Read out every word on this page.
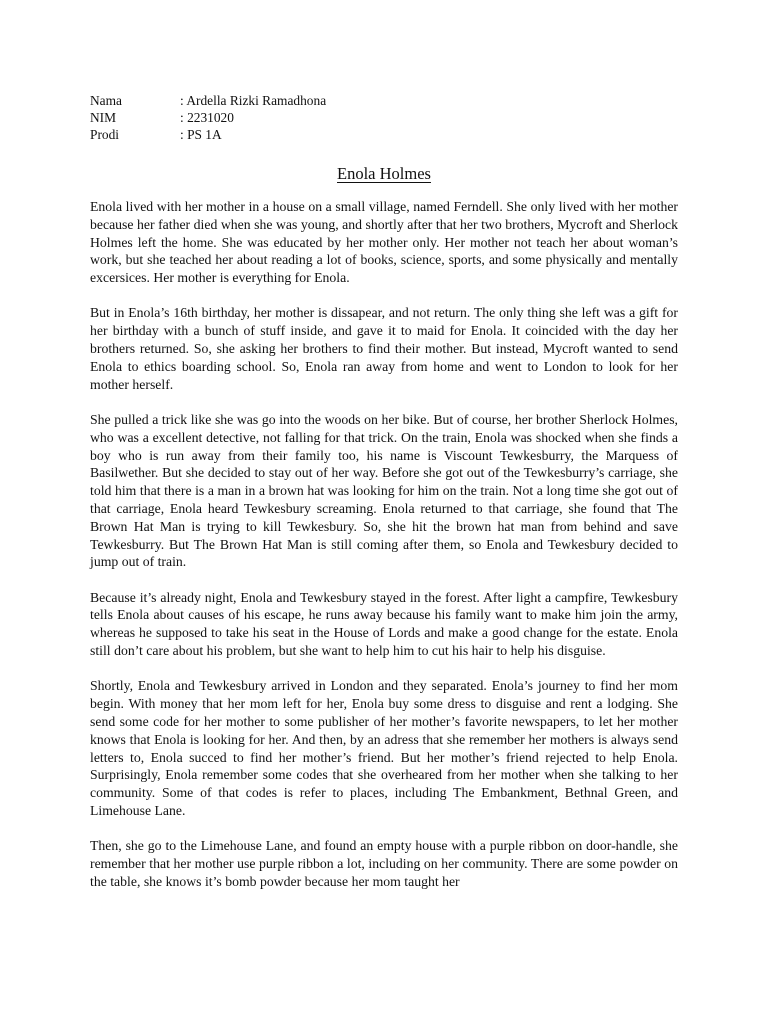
Nama	: Ardella Rizki Ramadhona
NIM	: 2231020
Prodi	: PS 1A
Enola Holmes

Enola lived with her mother in a house on a small village, named Ferndell. She only lived with her mother because her father died when she was young, and shortly after that her two brothers, Mycroft and Sherlock Holmes left the home. She was educated by her mother only. Her mother not teach her about woman’s work, but she teached her about reading a lot of books, science, sports, and some physically and mentally excersices. Her mother is everything for Enola.

But in Enola’s 16th birthday, her mother is dissapear, and not return. The only thing she left was a gift for her birthday with a bunch of stuff inside, and gave it to maid for Enola. It coincided with the day her brothers returned. So, she asking her brothers to find their mother. But instead, Mycroft wanted to send Enola to ethics boarding school. So, Enola ran away from home and went to London to look for her mother herself.

She pulled a trick like she was go into the woods on her bike. But of course, her brother Sherlock Holmes, who was a excellent detective, not falling for that trick. On the train, Enola was shocked when she finds a boy who is run away from their family too, his name is Viscount Tewkesburry, the Marquess of Basilwether. But she decided to stay out of her way. Before she got out of the Tewkesburry’s carriage, she told him that there is a man in a brown hat was looking for him on the train. Not a long time she got out of that carriage, Enola heard Tewkesbury screaming. Enola returned to that carriage, she found that The Brown Hat Man is trying to kill Tewkesbury. So, she hit the brown hat man from behind and save Tewkesburry. But The Brown Hat Man is still coming after them, so Enola and Tewkesbury decided to jump out of train.

Because it’s already night, Enola and Tewkesbury stayed in the forest. After light a campfire, Tewkesbury tells Enola about causes of his escape, he runs away because his family want to make him join the army, whereas he supposed to take his seat in the House of Lords and make a good change for the estate. Enola still don’t care about his problem, but she want to help him to cut his hair to help his disguise.

Shortly, Enola and Tewkesbury arrived in London and they separated. Enola’s journey to find her mom begin. With money that her mom left for her, Enola buy some dress to disguise and rent a lodging. She send some code for her mother to some publisher of her mother’s favorite newspapers, to let her mother knows that Enola is looking for her. And then, by an adress that she remember her mothers is always send letters to, Enola succed to find her mother’s friend. But her mother’s friend rejected to help Enola. Surprisingly, Enola remember some codes that she overheared from her mother when she talking to her community. Some of that codes is refer to places, including The Embankment, Bethnal Green, and Limehouse Lane.

Then, she go to the Limehouse Lane, and found an empty house with a purple ribbon on door-handle, she remember that her mother use purple ribbon a lot, including on her community. There are some powder on the table, she knows it’s bomb powder because her mom taught her
